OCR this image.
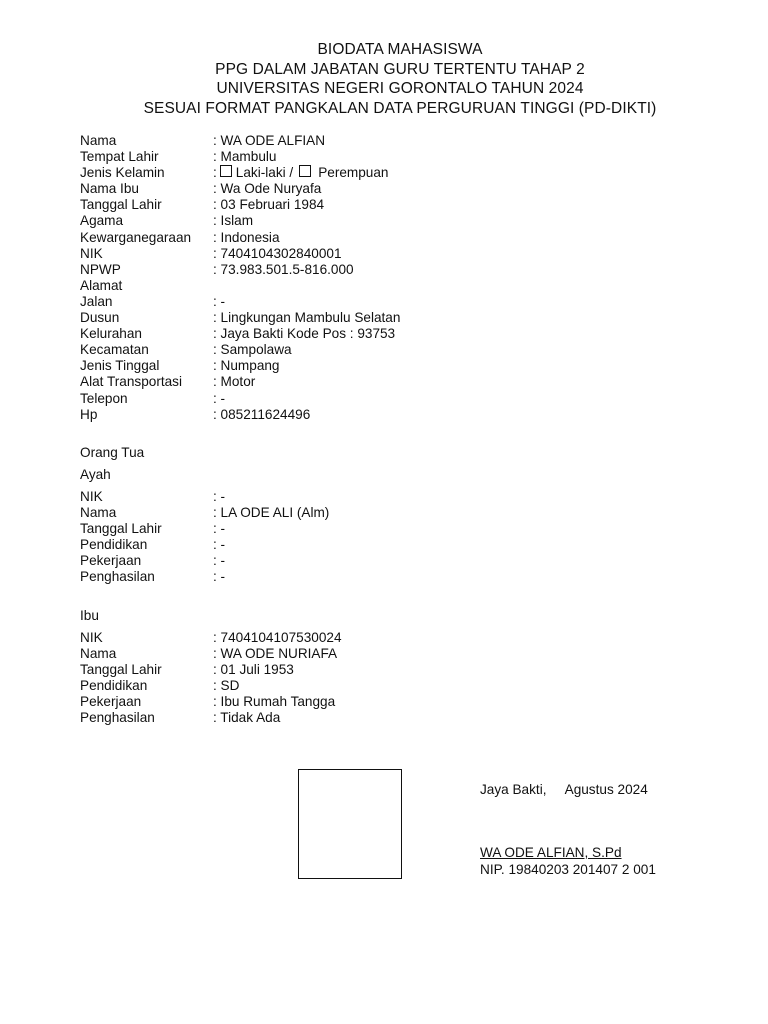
BIODATA MAHASISWA
PPG DALAM JABATAN GURU TERTENTU TAHAP 2
UNIVERSITAS NEGERI GORONTALO TAHUN 2024
SESUAI FORMAT PANGKALAN DATA PERGURUAN TINGGI (PD-DIKTI)
Nama	: WA ODE ALFIAN
Tempat Lahir	: Mambulu
Jenis Kelamin	: Laki-laki / Perempuan
Nama Ibu	: Wa Ode Nuryafa
Tanggal Lahir	: 03 Februari 1984
Agama	: Islam
Kewarganegaraan	: Indonesia
NIK	: 7404104302840001
NPWP	: 73.983.501.5-816.000
Alamat
Jalan	: -
Dusun	: Lingkungan Mambulu Selatan
Kelurahan	: Jaya Bakti Kode Pos : 93753
Kecamatan	: Sampolawa
Jenis Tinggal	: Numpang
Alat Transportasi	: Motor
Telepon	: -
Hp	: 085211624496
Orang Tua
Ayah
NIK	: -
Nama	: LA ODE ALI (Alm)
Tanggal Lahir	: -
Pendidikan	: -
Pekerjaan	: -
Penghasilan	: -
Ibu
NIK	: 7404104107530024
Nama	: WA ODE NURIAFA
Tanggal Lahir	: 01 Juli 1953
Pendidikan	: SD
Pekerjaan	: Ibu Rumah Tangga
Penghasilan	: Tidak Ada
Jaya Bakti,     Agustus 2024
WA ODE ALFIAN, S.Pd
NIP. 19840203 201407 2 001
